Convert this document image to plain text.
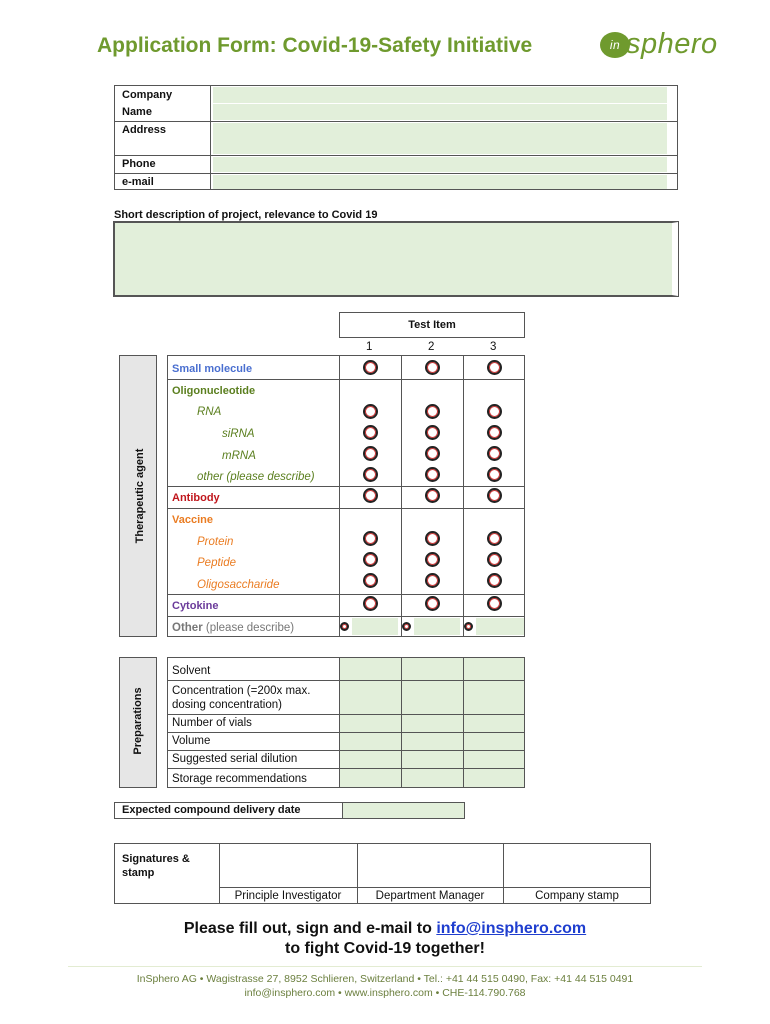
Application Form: Covid-19-Safety Initiative	in sphero
Company
Name
Address
Phone
e-mail
Short description of project, relevance to Covid 19
Test Item
1	2	3
Therapeutic agent
Small molecule
Oligonucleotide
RNA
siRNA
mRNA
other (please describe)
Antibody
Vaccine
Protein
Peptide
Oligosaccharide
Cytokine
Other (please describe)
Preparations
Solvent
Concentration (=200x max. dosing concentration)
Number of vials
Volume
Suggested serial dilution
Storage recommendations
Expected compound delivery date
Signatures & stamp
Principle Investigator	Department Manager	Company stamp
Please fill out, sign and e-mail to info@insphero.com
to fight Covid-19 together!
InSphero AG • Wagistrasse 27, 8952 Schlieren, Switzerland • Tel.: +41 44 515 0490, Fax: +41 44 515 0491
info@insphero.com • www.insphero.com • CHE-114.790.768
